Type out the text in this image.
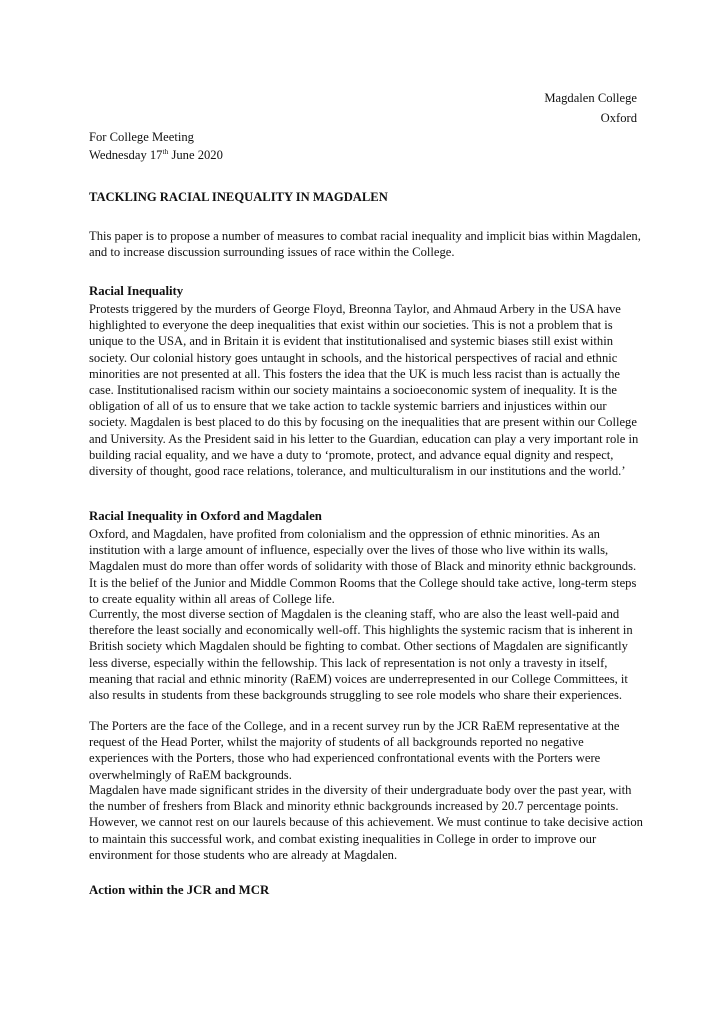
Magdalen College
Oxford
For College Meeting
Wednesday 17th June 2020
TACKLING RACIAL INEQUALITY IN MAGDALEN

This paper is to propose a number of measures to combat racial inequality and implicit bias within Magdalen, and to increase discussion surrounding issues of race within the College.

Racial Inequality

Protests triggered by the murders of George Floyd, Breonna Taylor, and Ahmaud Arbery in the USA have highlighted to everyone the deep inequalities that exist within our societies. This is not a problem that is unique to the USA, and in Britain it is evident that institutionalised and systemic biases still exist within society. Our colonial history goes untaught in schools, and the historical perspectives of racial and ethnic minorities are not presented at all. This fosters the idea that the UK is much less racist than is actually the case. Institutionalised racism within our society maintains a socioeconomic system of inequality. It is the obligation of all of us to ensure that we take action to tackle systemic barriers and injustices within our society. Magdalen is best placed to do this by focusing on the inequalities that are present within our College and University. As the President said in his letter to the Guardian, education can play a very important role in building racial equality, and we have a duty to ‘promote, protect, and advance equal dignity and respect, diversity of thought, good race relations, tolerance, and multiculturalism in our institutions and the world.’

Racial Inequality in Oxford and Magdalen

Oxford, and Magdalen, have profited from colonialism and the oppression of ethnic minorities. As an institution with a large amount of influence, especially over the lives of those who live within its walls, Magdalen must do more than offer words of solidarity with those of Black and minority ethnic backgrounds. It is the belief of the Junior and Middle Common Rooms that the College should take active, long-term steps to create equality within all areas of College life.

Currently, the most diverse section of Magdalen is the cleaning staff, who are also the least well-paid and therefore the least socially and economically well-off. This highlights the systemic racism that is inherent in British society which Magdalen should be fighting to combat. Other sections of Magdalen are significantly less diverse, especially within the fellowship. This lack of representation is not only a travesty in itself, meaning that racial and ethnic minority (RaEM) voices are underrepresented in our College Committees, it also results in students from these backgrounds struggling to see role models who share their experiences.

The Porters are the face of the College, and in a recent survey run by the JCR RaEM representative at the request of the Head Porter, whilst the majority of students of all backgrounds reported no negative experiences with the Porters, those who had experienced confrontational events with the Porters were overwhelmingly of RaEM backgrounds.

Magdalen have made significant strides in the diversity of their undergraduate body over the past year, with the number of freshers from Black and minority ethnic backgrounds increased by 20.7 percentage points. However, we cannot rest on our laurels because of this achievement. We must continue to take decisive action to maintain this successful work, and combat existing inequalities in College in order to improve our environment for those students who are already at Magdalen.

Action within the JCR and MCR
